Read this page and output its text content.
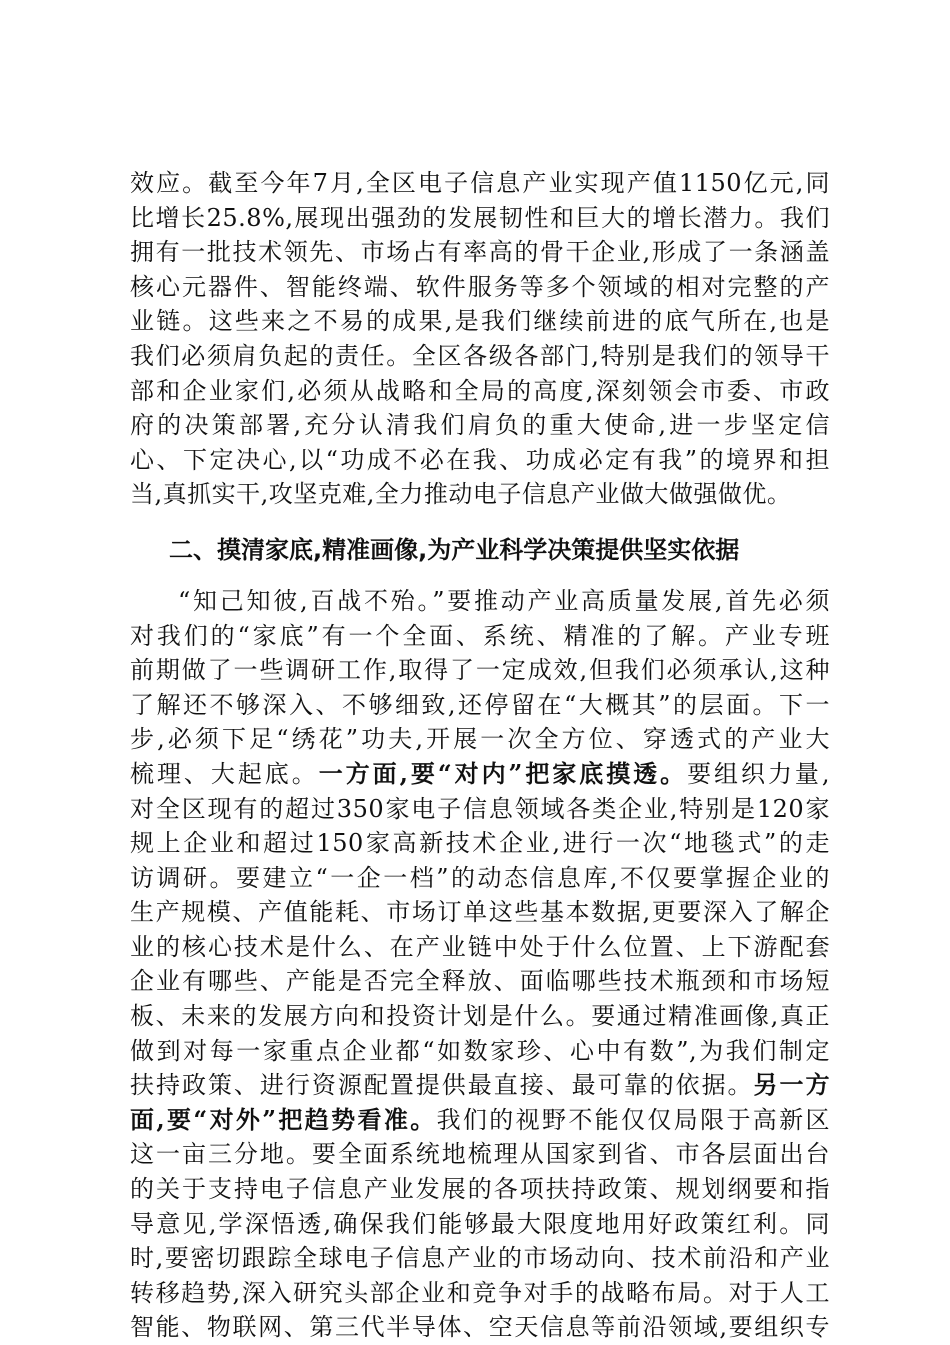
效应。截至今年7月,全区电子信息产业实现产值1150亿元,同
比增长25.8%,展现出强劲的发展韧性和巨大的增长潜力。我们
拥有一批技术领先、市场占有率高的骨干企业,形成了一条涵盖
核心元器件、智能终端、软件服务等多个领域的相对完整的产
业链。这些来之不易的成果,是我们继续前进的底气所在,也是
我们必须肩负起的责任。全区各级各部门,特别是我们的领导干
部和企业家们,必须从战略和全局的高度,深刻领会市委、市政
府的决策部署,充分认清我们肩负的重大使命,进一步坚定信
心、下定决心,以“功成不必在我、功成必定有我”的境界和担
当,真抓实干,攻坚克难,全力推动电子信息产业做大做强做优。
二、摸清家底,精准画像,为产业科学决策提供坚实依据
“知己知彼,百战不殆。”要推动产业高质量发展,首先必须
对我们的“家底”有一个全面、系统、精准的了解。产业专班
前期做了一些调研工作,取得了一定成效,但我们必须承认,这种
了解还不够深入、不够细致,还停留在“大概其”的层面。下一
步,必须下足“绣花”功夫,开展一次全方位、穿透式的产业大
梳理、大起底。一方面,要“对内”把家底摸透。要组织力量,
对全区现有的超过350家电子信息领域各类企业,特别是120家
规上企业和超过150家高新技术企业,进行一次“地毯式”的走
访调研。要建立“一企一档”的动态信息库,不仅要掌握企业的
生产规模、产值能耗、市场订单这些基本数据,更要深入了解企
业的核心技术是什么、在产业链中处于什么位置、上下游配套
企业有哪些、产能是否完全释放、面临哪些技术瓶颈和市场短
板、未来的发展方向和投资计划是什么。要通过精准画像,真正
做到对每一家重点企业都“如数家珍、心中有数”,为我们制定
扶持政策、进行资源配置提供最直接、最可靠的依据。另一方
面,要“对外”把趋势看准。我们的视野不能仅仅局限于高新区
这一亩三分地。要全面系统地梳理从国家到省、市各层面出台
的关于支持电子信息产业发展的各项扶持政策、规划纲要和指
导意见,学深悟透,确保我们能够最大限度地用好政策红利。同
时,要密切跟踪全球电子信息产业的市场动向、技术前沿和产业
转移趋势,深入研究头部企业和竞争对手的战略布局。对于人工
智能、物联网、第三代半导体、空天信息等前沿领域,要组织专
